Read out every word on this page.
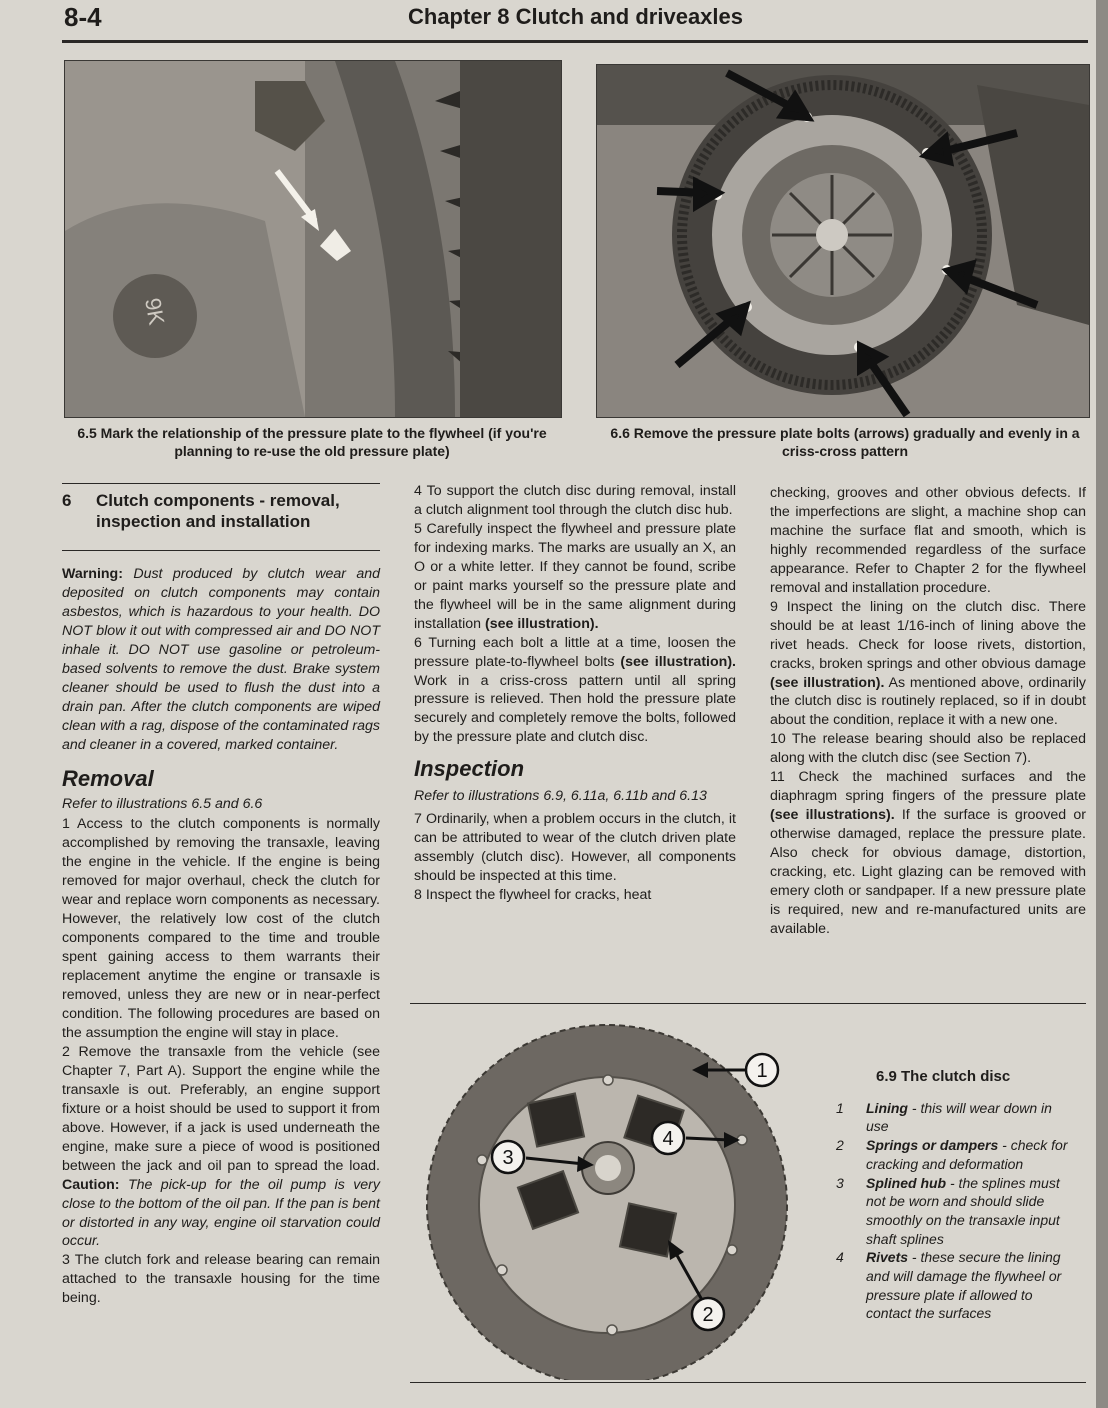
8-4	Chapter 8 Clutch and driveaxles
9K
6.5 Mark the relationship of the pressure plate to the flywheel (if you're planning to re-use the old pressure plate)
6.6 Remove the pressure plate bolts (arrows) gradually and evenly in a criss-cross pattern
6	Clutch components - removal, inspection and installation

Warning: Dust produced by clutch wear and deposited on clutch components may contain asbestos, which is hazardous to your health. DO NOT blow it out with compressed air and DO NOT inhale it. DO NOT use gasoline or petroleum-based solvents to remove the dust. Brake system cleaner should be used to flush the dust into a drain pan. After the clutch components are wiped clean with a rag, dispose of the contaminated rags and cleaner in a covered, marked container.

Removal

Refer to illustrations 6.5 and 6.6

1 Access to the clutch components is normally accomplished by removing the transaxle, leaving the engine in the vehicle. If the engine is being removed for major overhaul, check the clutch for wear and replace worn components as necessary. However, the relatively low cost of the clutch components compared to the time and trouble spent gaining access to them warrants their replacement anytime the engine or transaxle is removed, unless they are new or in near-perfect condition. The following procedures are based on the assumption the engine will stay in place.

2 Remove the transaxle from the vehicle (see Chapter 7, Part A). Support the engine while the transaxle is out. Preferably, an engine support fixture or a hoist should be used to support it from above. However, if a jack is used underneath the engine, make sure a piece of wood is positioned between the jack and oil pan to spread the load. Caution: The pick-up for the oil pump is very close to the bottom of the oil pan. If the pan is bent or distorted in any way, engine oil starvation could occur.

3 The clutch fork and release bearing can remain attached to the transaxle housing for the time being.

4 To support the clutch disc during removal, install a clutch alignment tool through the clutch disc hub.

5 Carefully inspect the flywheel and pressure plate for indexing marks. The marks are usually an X, an O or a white letter. If they cannot be found, scribe or paint marks yourself so the pressure plate and the flywheel will be in the same alignment during installation (see illustration).

6 Turning each bolt a little at a time, loosen the pressure plate-to-flywheel bolts (see illustration). Work in a criss-cross pattern until all spring pressure is relieved. Then hold the pressure plate securely and completely remove the bolts, followed by the pressure plate and clutch disc.

Inspection

Refer to illustrations 6.9, 6.11a, 6.11b and 6.13

7 Ordinarily, when a problem occurs in the clutch, it can be attributed to wear of the clutch driven plate assembly (clutch disc). However, all components should be inspected at this time.

8 Inspect the flywheel for cracks, heat

checking, grooves and other obvious defects. If the imperfections are slight, a machine shop can machine the surface flat and smooth, which is highly recommended regardless of the surface appearance. Refer to Chapter 2 for the flywheel removal and installation procedure.

9 Inspect the lining on the clutch disc. There should be at least 1/16-inch of lining above the rivet heads. Check for loose rivets, distortion, cracks, broken springs and other obvious damage (see illustration). As mentioned above, ordinarily the clutch disc is routinely replaced, so if in doubt about the condition, replace it with a new one.

10 The release bearing should also be replaced along with the clutch disc (see Section 7).

11 Check the machined surfaces and the diaphragm spring fingers of the pressure plate (see illustrations). If the surface is grooved or otherwise damaged, replace the pressure plate. Also check for obvious damage, distortion, cracking, etc. Light glazing can be removed with emery cloth or sandpaper. If a new pressure plate is required, new and re-manufactured units are available.

1
4
3
2
6.9 The clutch disc
1	Lining - this will wear down in use
2	Springs or dampers - check for cracking and deformation
3	Splined hub - the splines must not be worn and should slide smoothly on the transaxle input shaft splines
4	Rivets - these secure the lining and will damage the flywheel or pressure plate if allowed to contact the surfaces
